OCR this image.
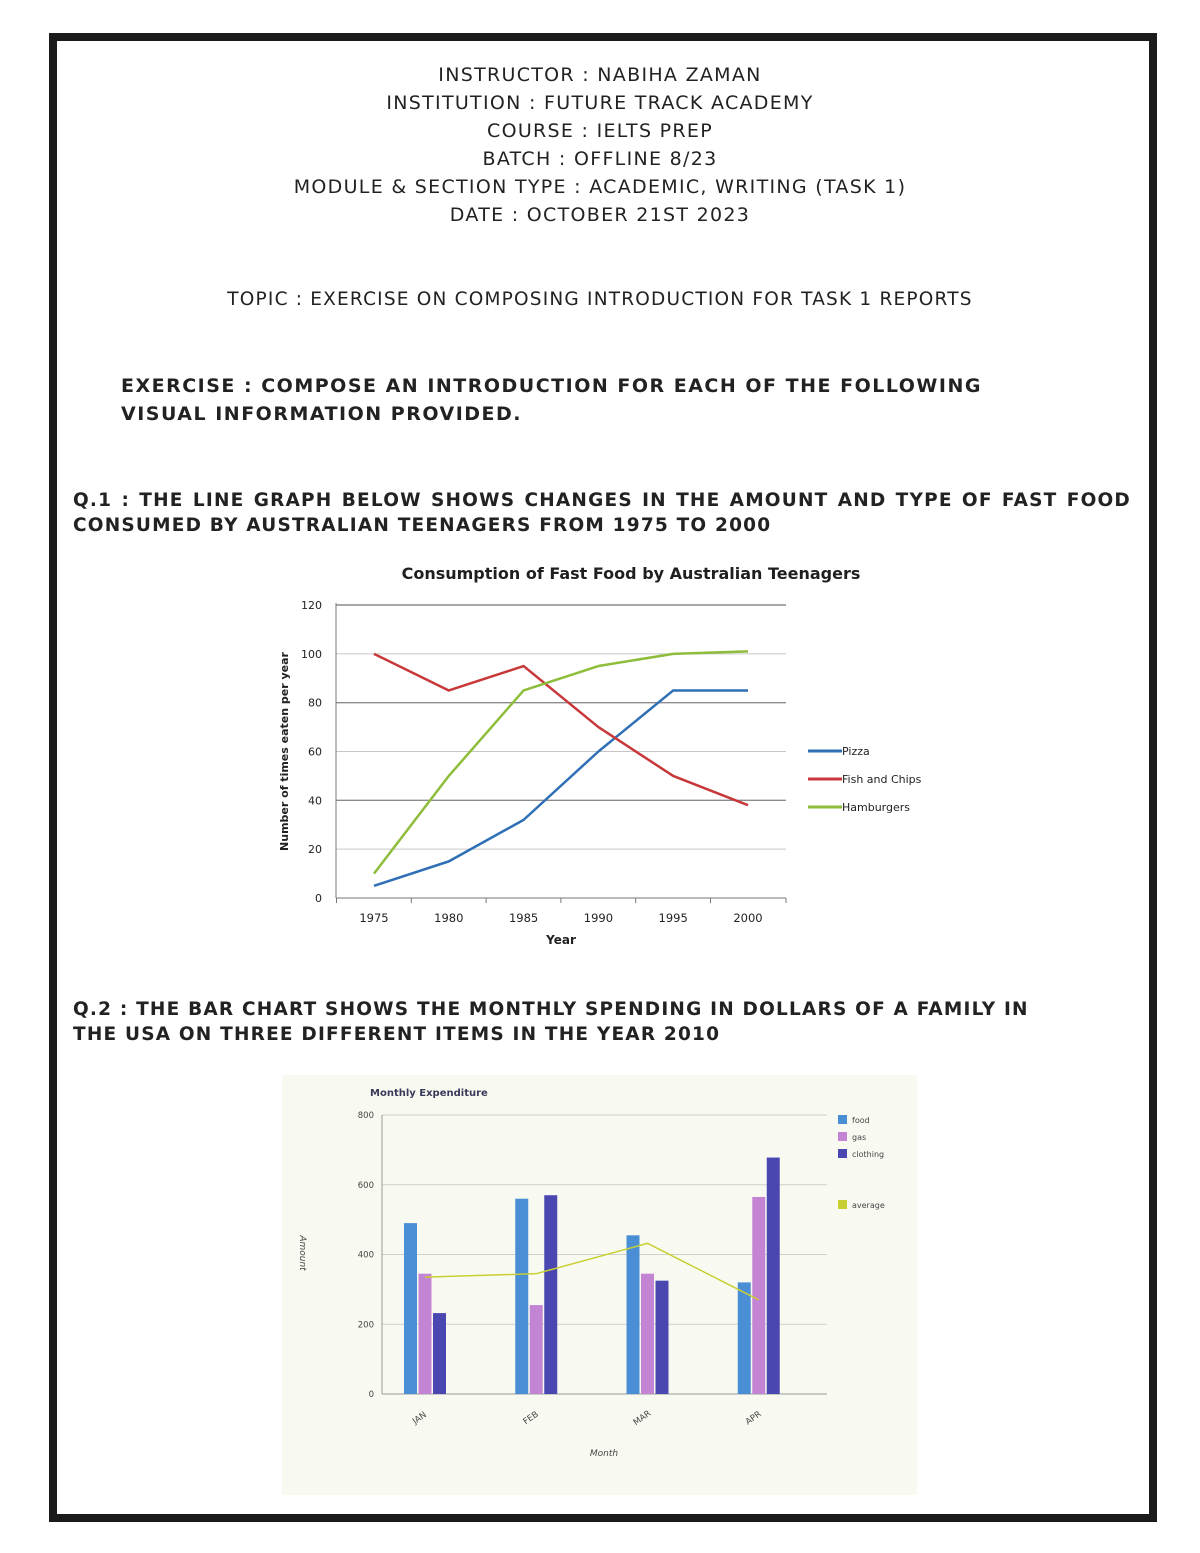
INSTRUCTOR : NABIHA ZAMAN
INSTITUTION : FUTURE TRACK ACADEMY
COURSE : IELTS PREP
BATCH : OFFLINE 8/23
MODULE & SECTION TYPE : ACADEMIC, WRITING (TASK 1)
DATE : OCTOBER 21ST 2023
TOPIC : EXERCISE ON COMPOSING INTRODUCTION FOR TASK 1 REPORTS
EXERCISE : COMPOSE AN INTRODUCTION FOR EACH OF THE FOLLOWING VISUAL INFORMATION PROVIDED.
Q.1 : THE LINE GRAPH BELOW SHOWS CHANGES IN THE AMOUNT AND TYPE OF FAST FOOD CONSUMED BY AUSTRALIAN TEENAGERS FROM 1975 TO 2000
Q.2 : THE BAR CHART SHOWS THE MONTHLY SPENDING IN DOLLARS OF A FAMILY IN THE USA ON THREE DIFFERENT ITEMS IN THE YEAR 2010
Consumption of Fast Food by Australian Teenagers
0
20
40
60
80
100
120
1975	1980	1985	1990	1995	2000
Year
Number of times eaten per year	Pizza
Fish and Chips
Hamburgers
Monthly Expenditure
0
200
400
600
800
Amount
Month
JAN	FEB	MAR	APR
food
gas
clothing
average
